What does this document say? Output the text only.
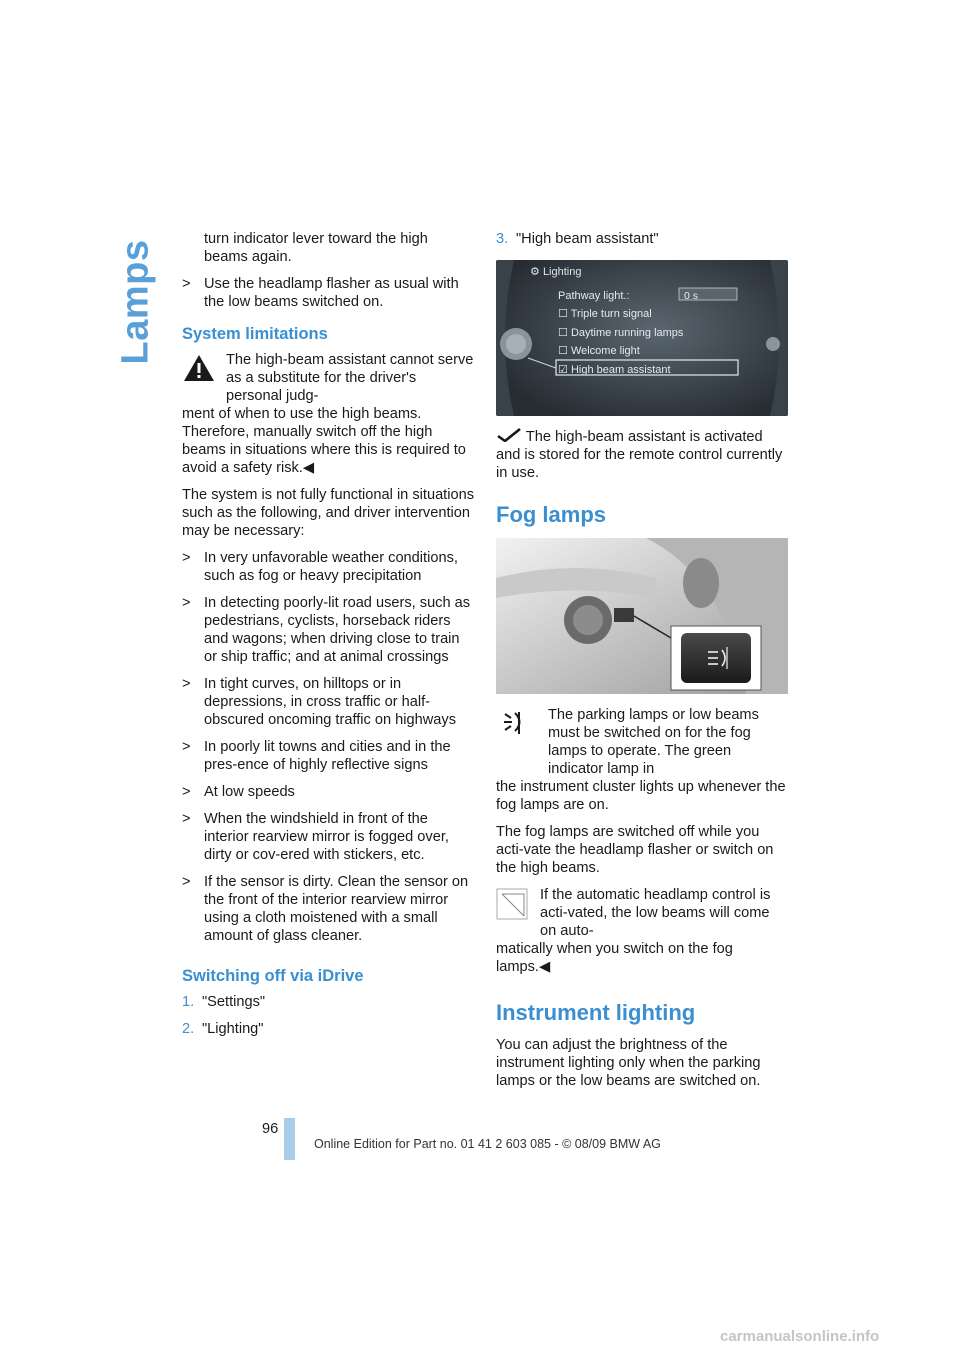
Lamps

turn indicator lever toward the high beams again.

> Use the headlamp flasher as usual with the low beams switched on.
System limitations
The high-beam assistant cannot serve as a substitute for the driver's personal judg-

ment of when to use the high beams. Therefore, manually switch off the high beams in situations where this is required to avoid a safety risk.◀

The system is not fully functional in situations such as the following, and driver intervention may be necessary:

> In very unfavorable weather conditions, such as fog or heavy precipitation
> In detecting poorly-lit road users, such as pedestrians, cyclists, horseback riders and wagons; when driving close to train or ship traffic; and at animal crossings
> In tight curves, on hilltops or in depressions, in cross traffic or half-obscured oncoming traffic on highways
> In poorly lit towns and cities and in the pres-ence of highly reflective signs
> At low speeds
> When the windshield in front of the interior rearview mirror is fogged over, dirty or cov-ered with stickers, etc.
> If the sensor is dirty. Clean the sensor on the front of the interior rearview mirror using a cloth moistened with a small amount of glass cleaner.
Switching off via iDrive
1. "Settings"
2. "Lighting"
3. "High beam assistant"
⚙ Lighting
Pathway light.:	0 s
☐ Triple turn signal
☐ Daytime running lamps
☐ Welcome light
☑ High beam assistant

The high-beam assistant is activated and is stored for the remote control currently in use.

Fog lamps
The parking lamps or low beams must be switched on for the fog lamps to operate. The green indicator lamp in

the instrument cluster lights up whenever the fog lamps are on.

The fog lamps are switched off while you acti-vate the headlamp flasher or switch on the high beams.

If the automatic headlamp control is acti-vated, the low beams will come on auto-

matically when you switch on the fog lamps.◀

Instrument lighting

You can adjust the brightness of the instrument lighting only when the parking lamps or the low beams are switched on.

96
Online Edition for Part no. 01 41 2 603 085 - © 08/09 BMW AG
carmanualsonline.info
